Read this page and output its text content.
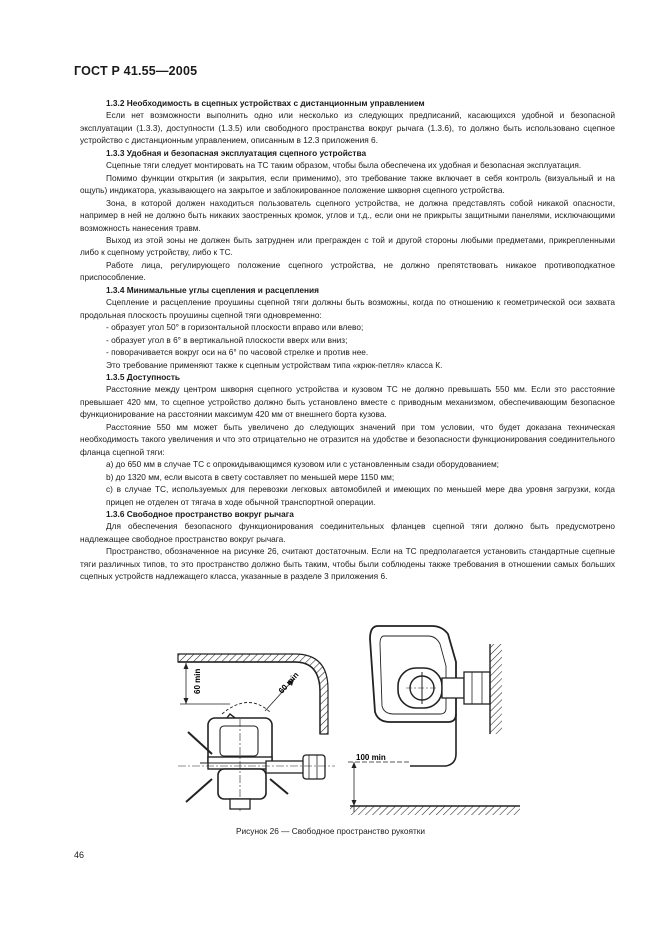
ГОСТ Р 41.55—2005
1.3.2 Необходимость в сцепных устройствах с дистанционным управлением

Если нет возможности выполнить одно или несколько из следующих предписаний, касающихся удобной и безопасной эксплуатации (1.3.3), доступности (1.3.5) или свободного пространства вокруг рычага (1.3.6), то должно быть использовано сцепное устройство с дистанционным управлением, описанным в 12.3 приложения 6.

1.3.3 Удобная и безопасная эксплуатация сцепного устройства

Сцепные тяги следует монтировать на ТС таким образом, чтобы была обеспечена их удобная и безопасная эксплуатация.

Помимо функции открытия (и закрытия, если применимо), это требование также включает в себя контроль (визуальный и на ощупь) индикатора, указывающего на закрытое и заблокированное положение шкворня сцепного устройства.

Зона, в которой должен находиться пользователь сцепного устройства, не должна представлять собой никакой опасности, например в ней не должно быть никаких заостренных кромок, углов и т.д., если они не прикрыты защитными панелями, исключающими возможность нанесения травм.

Выход из этой зоны не должен быть затруднен или прегражден с той и другой стороны любыми предметами, прикрепленными либо к сцепному устройству, либо к ТС.

Работе лица, регулирующего положение сцепного устройства, не должно препятствовать никакое противоподкатное приспособление.

1.3.4 Минимальные углы сцепления и расцепления

Сцепление и расцепление проушины сцепной тяги должны быть возможны, когда по отношению к геометрической оси захвата продольная плоскость проушины сцепной тяги одновременно:

- образует угол 50° в горизонтальной плоскости вправо или влево;
- образует угол в 6° в вертикальной плоскости вверх или вниз;
- поворачивается вокруг оси на 6° по часовой стрелке и против нее.

Это требование применяют также к сцепным устройствам типа «крюк-петля» класса К.

1.3.5 Доступность

Расстояние между центром шкворня сцепного устройства и кузовом ТС не должно превышать 550 мм. Если это расстояние превышает 420 мм, то сцепное устройство должно быть установлено вместе с приводным механизмом, обеспечивающим безопасное функционирование на расстоянии максимум 420 мм от внешнего борта кузова.

Расстояние 550 мм может быть увеличено до следующих значений при том условии, что будет доказана техническая необходимость такого увеличения и что это отрицательно не отразится на удобстве и безопасности функционирования соединительного фланца сцепной тяги:

a) до 650 мм в случае ТС с опрокидывающимся кузовом или с установленным сзади оборудованием;
b) до 1320 мм, если высота в свету составляет по меньшей мере 1150 мм;
c) в случае ТС, используемых для перевозки легковых автомобилей и имеющих по меньшей мере два уровня загрузки, когда прицеп не отделен от тягача в ходе обычной транспортной операции.
1.3.6 Свободное пространство вокруг рычага

Для обеспечения безопасного функционирования соединительных фланцев сцепной тяги должно быть предусмотрено надлежащее свободное пространство вокруг рычага.

Пространство, обозначенное на рисунке 26, считают достаточным. Если на ТС предполагается установить стандартные сцепные тяги различных типов, то это пространство должно быть таким, чтобы были соблюдены также требования в отношении самых больших сцепных устройств надлежащего класса, указанные в разделе 3 приложения 6.

60 min	60 min
100 min
Рисунок 26 — Свободное пространство рукоятки
46
